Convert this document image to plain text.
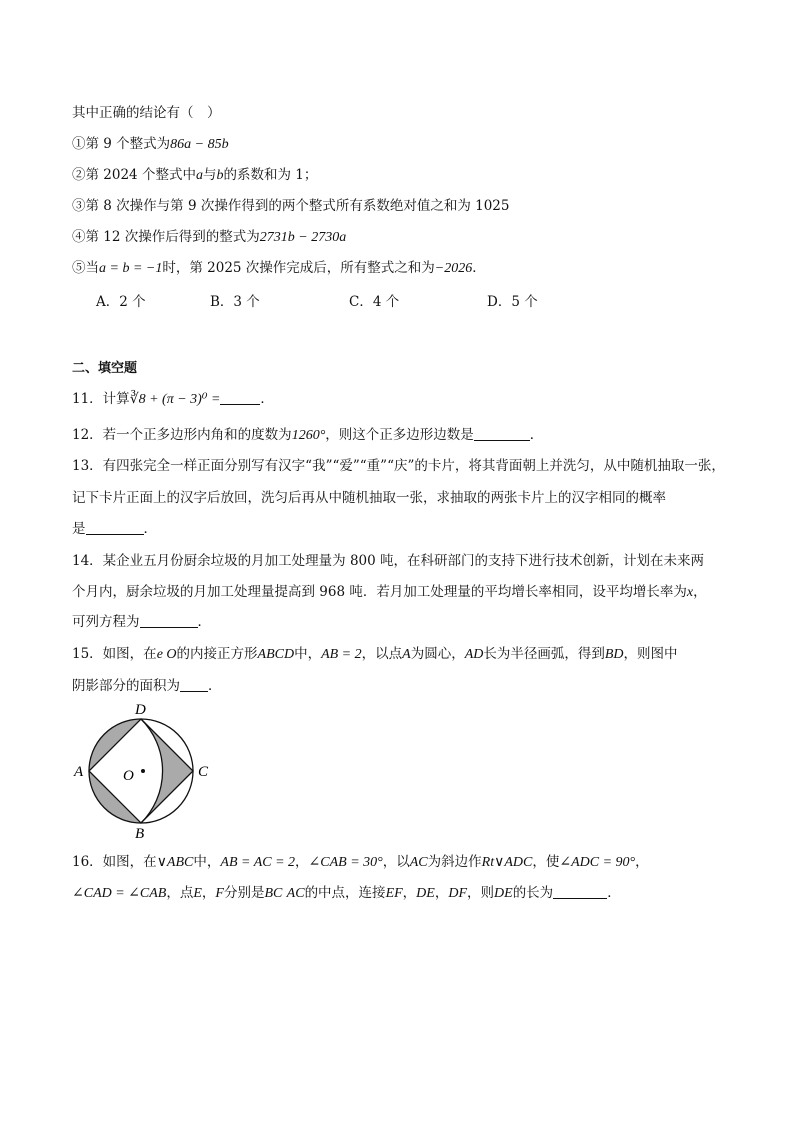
其中正确的结论有（　）
①第 9 个整式为86a − 85b
②第 2024 个整式中a与b的系数和为 1；
③第 8 次操作与第 9 次操作得到的两个整式所有系数绝对值之和为 1025
④第 12 次操作后得到的整式为2731b − 2730a
⑤当a = b = −1时，第 2025 次操作完成后，所有整式之和为−2026．
A．2 个	B．3 个	C．4 个	D．5 个
二、填空题
11．计算∛8 + (π − 3)⁰ =	．
12．若一个正多边形内角和的度数为1260°，则这个正多边形边数是	．
13．有四张完全一样正面分别写有汉字“我”“爱”“重”“庆”的卡片，将其背面朝上并洗匀，从中随机抽取一张，
记下卡片正面上的汉字后放回，洗匀后再从中随机抽取一张，求抽取的两张卡片上的汉字相同的概率
是	．
14．某企业五月份厨余垃圾的月加工处理量为 800 吨，在科研部门的支持下进行技术创新，计划在未来两
个月内，厨余垃圾的月加工处理量提高到 968 吨．若月加工处理量的平均增长率相同，设平均增长率为x，
可列方程为	．
15．如图，在e O的内接正方形ABCD中，AB = 2，以点A为圆心，AD长为半径画弧，得到BD，则图中
阴影部分的面积为 ．
D
A	C
B
O
16．如图，在∨ABC中，AB = AC = 2，∠CAB = 30°，以AC为斜边作Rt∨ADC，使∠ADC = 90°，
∠CAD = ∠CAB，点E，F分别是BC AC的中点，连接EF，DE，DF，则DE的长为	．
